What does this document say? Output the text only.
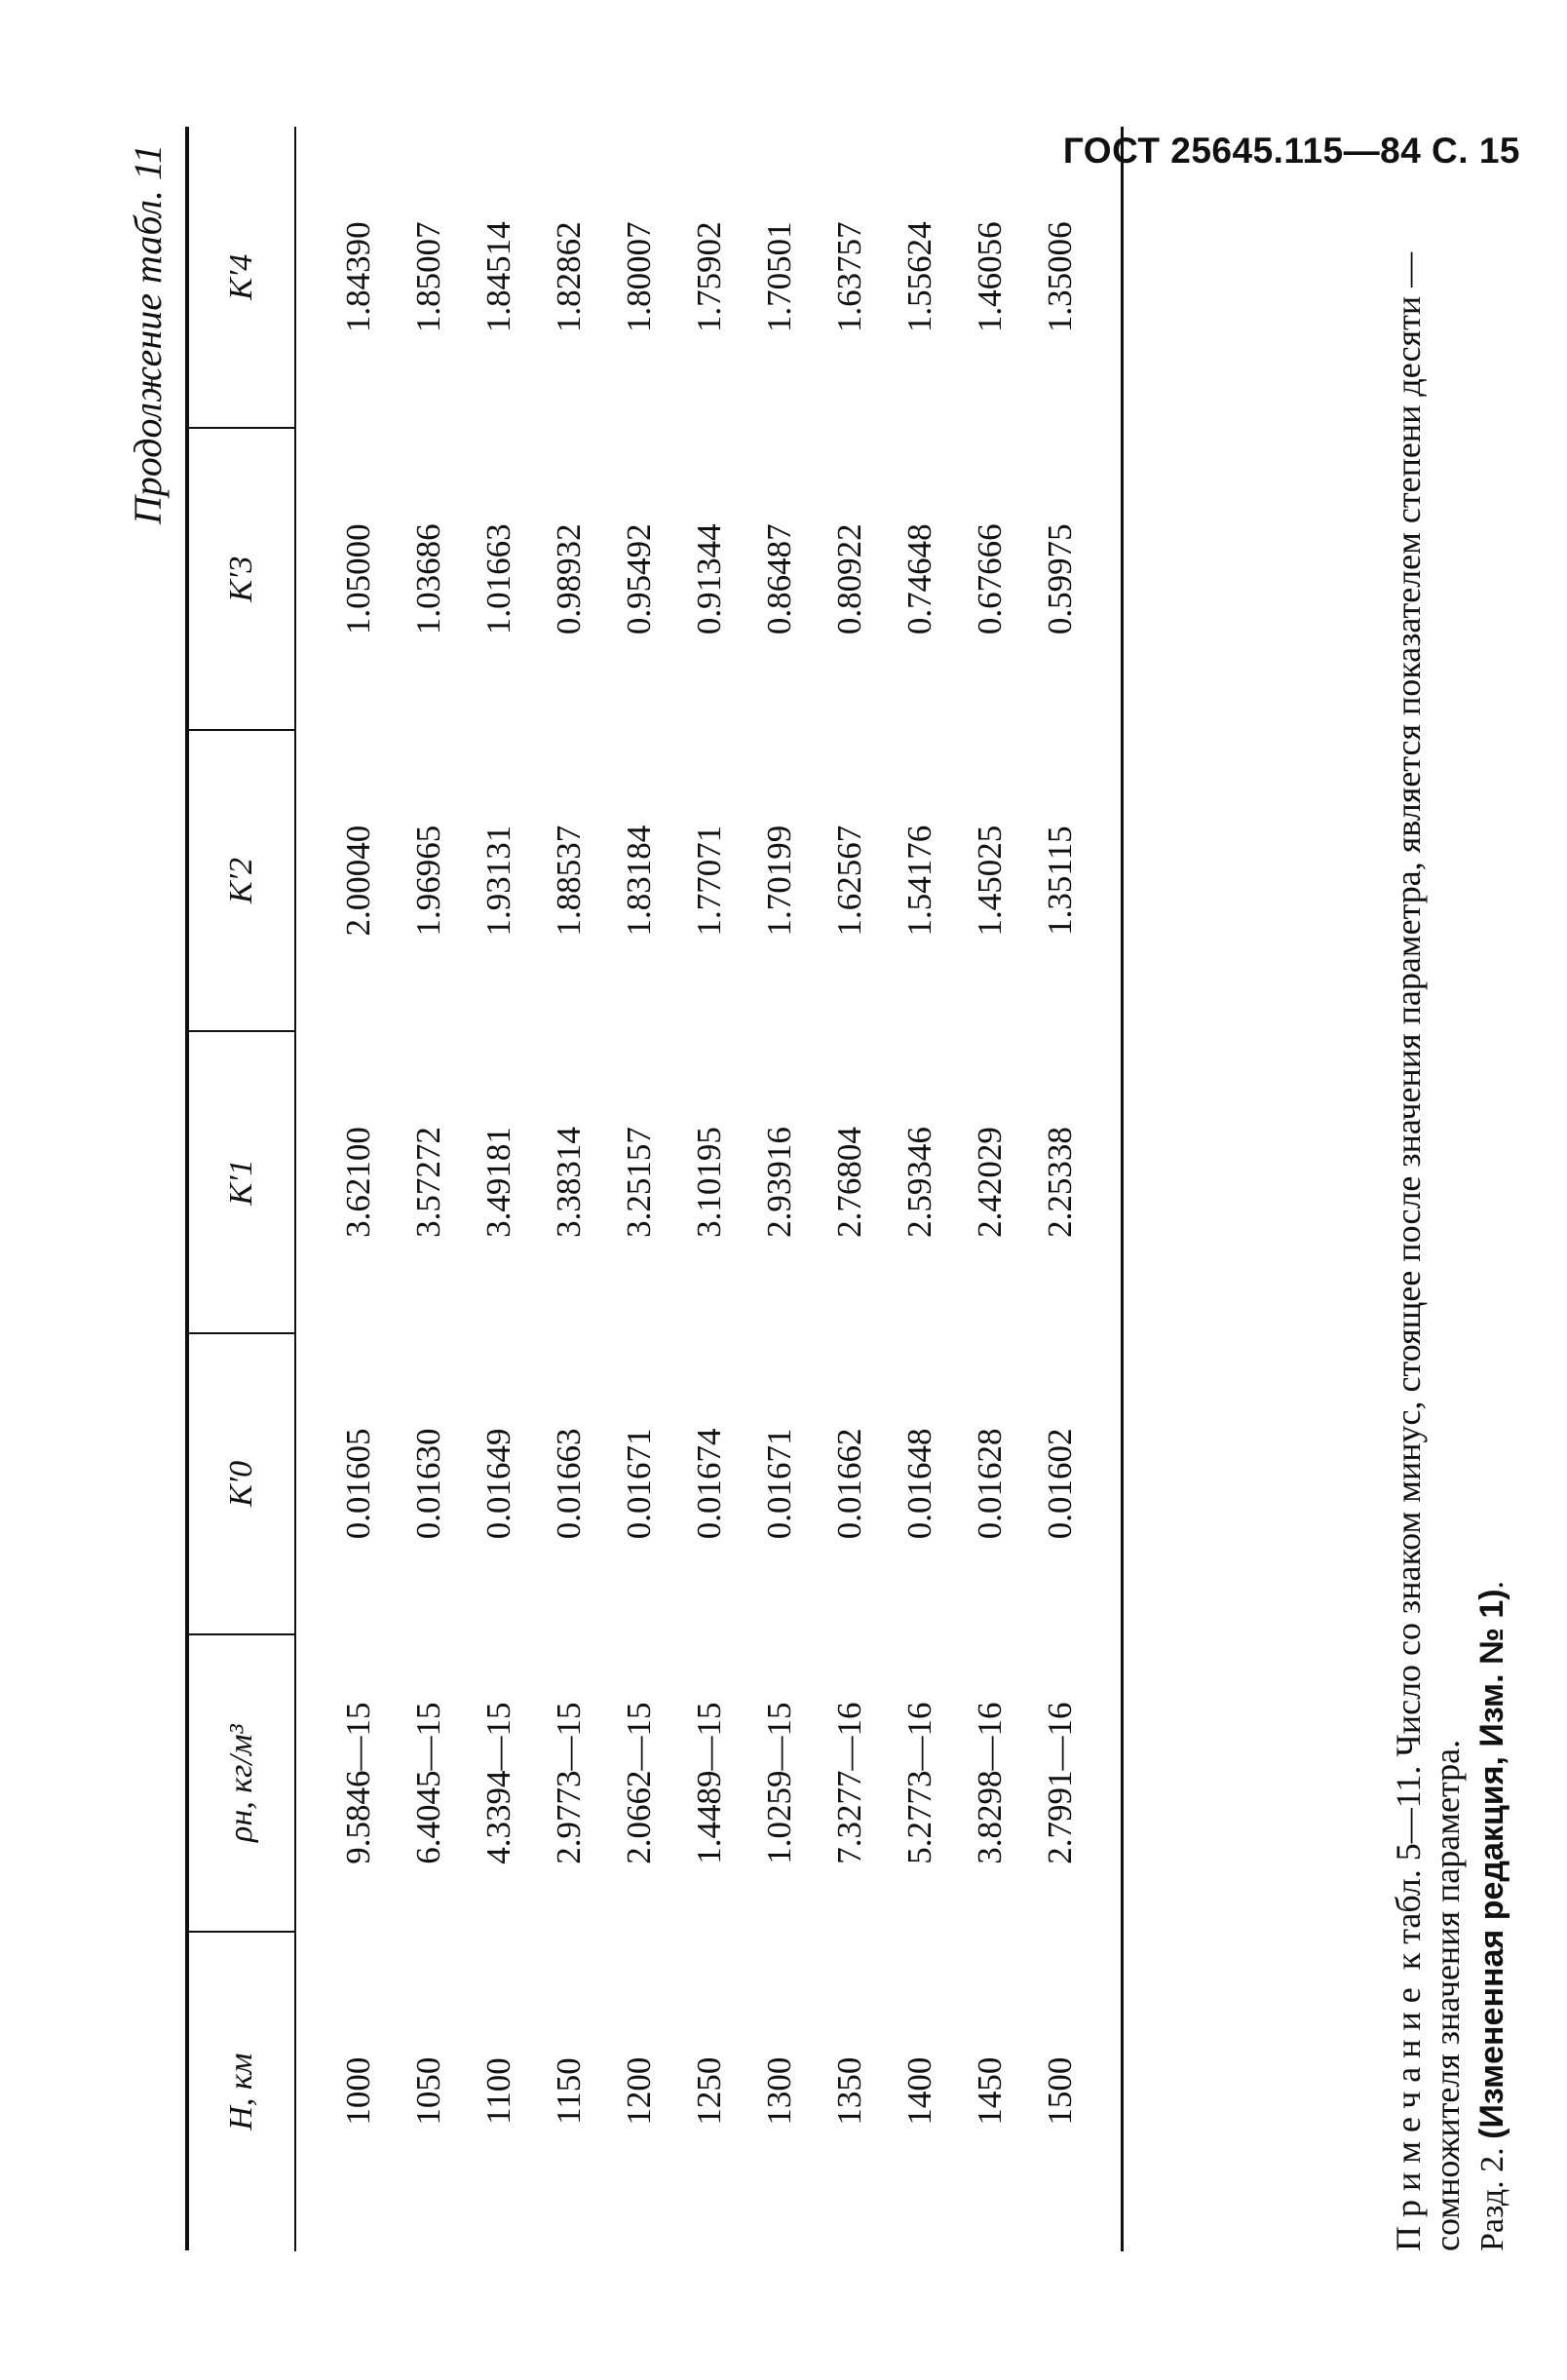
ГОСТ 25645.115—84 С. 15
Продолжение табл. 11
H, км	ρн, кг/м³	K′0	K′1	K′2	K′3	K′4
1000	9.5846—15	0.01605	3.62100	2.00040	1.05000	1.84390
1050	6.4045—15	0.01630	3.57272	1.96965	1.03686	1.85007
1100	4.3394—15	0.01649	3.49181	1.93131	1.01663	1.84514
1150	2.9773—15	0.01663	3.38314	1.88537	0.98932	1.82862
1200	2.0662—15	0.01671	3.25157	1.83184	0.95492	1.80007
1250	1.4489—15	0.01674	3.10195	1.77071	0.91344	1.75902
1300	1.0259—15	0.01671	2.93916	1.70199	0.86487	1.70501
1350	7.3277—16	0.01662	2.76804	1.62567	0.80922	1.63757
1400	5.2773—16	0.01648	2.59346	1.54176	0.74648	1.55624
1450	3.8298—16	0.01628	2.42029	1.45025	0.67666	1.46056
1500	2.7991—16	0.01602	2.25338	1.35115	0.59975	1.35006
Примечание к табл. 5—11. Число со знаком минус, стоящее после значения параметра, является показателем степени десяти — сомножителя значения параметра. Разд. 2. (Измененная редакция, Изм. № 1).
